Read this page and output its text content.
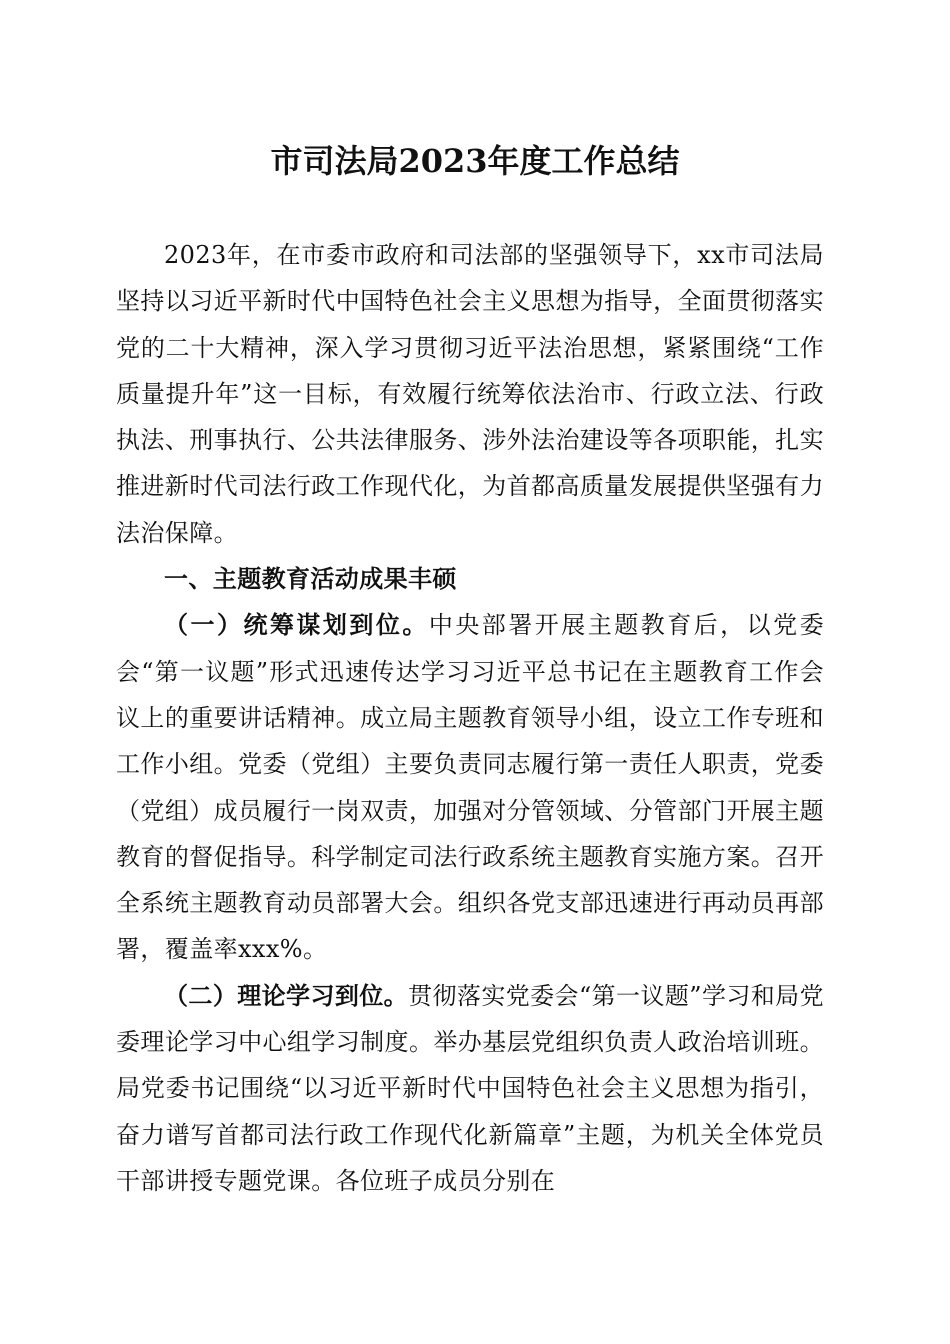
市司法局2023年度工作总结

2023年，在市委市政府和司法部的坚强领导下，xx市司法局坚持以习近平新时代中国特色社会主义思想为指导，全面贯彻落实党的二十大精神，深入学习贯彻习近平法治思想，紧紧围绕“工作质量提升年”这一目标，有效履行统筹依法治市、行政立法、行政执法、刑事执行、公共法律服务、涉外法治建设等各项职能，扎实推进新时代司法行政工作现代化，为首都高质量发展提供坚强有力法治保障。

一、主题教育活动成果丰硕

（一）统筹谋划到位。中央部署开展主题教育后，以党委会“第一议题”形式迅速传达学习习近平总书记在主题教育工作会议上的重要讲话精神。成立局主题教育领导小组，设立工作专班和工作小组。党委（党组）主要负责同志履行第一责任人职责，党委（党组）成员履行一岗双责，加强对分管领域、分管部门开展主题教育的督促指导。科学制定司法行政系统主题教育实施方案。召开全系统主题教育动员部署大会。组织各党支部迅速进行再动员再部署，覆盖率xxx%。

（二）理论学习到位。贯彻落实党委会“第一议题”学习和局党委理论学习中心组学习制度。举办基层党组织负责人政治培训班。局党委书记围绕“以习近平新时代中国特色社会主义思想为指引，奋力谱写首都司法行政工作现代化新篇章”主题，为机关全体党员干部讲授专题党课。各位班子成员分别在
